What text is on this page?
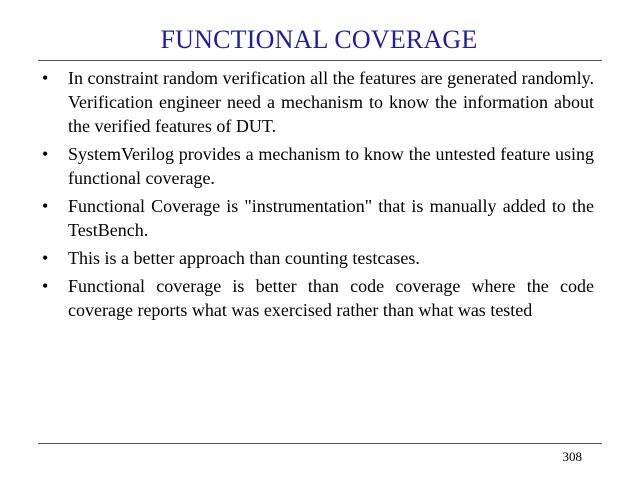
FUNCTIONAL COVERAGE
• In constraint random verification all the features are generated randomly. Verification engineer need a mechanism to know the information about the verified features of DUT.
• SystemVerilog provides a mechanism to know the untested feature using functional coverage.
• Functional Coverage is "instrumentation" that is manually added to the TestBench.
• This is a better approach than counting testcases.
• Functional coverage is better than code coverage where the code coverage reports what was exercised rather than what was tested
308
